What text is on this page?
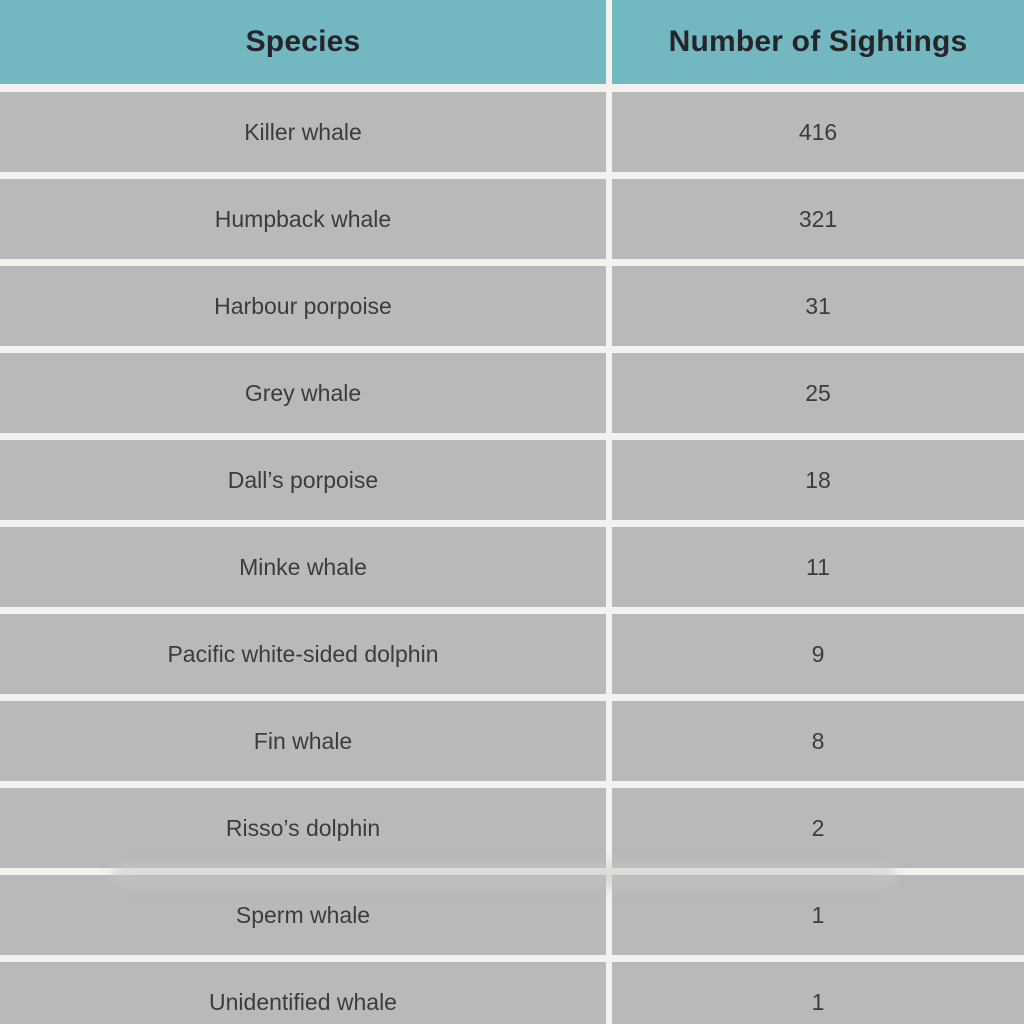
Species	Number of Sightings
Killer whale	416
Humpback whale	321
Harbour porpoise	31
Grey whale	25
Dall’s porpoise	18
Minke whale	11
Pacific white-sided dolphin	9
Fin whale	8
Risso’s dolphin	2
Sperm whale	1
Unidentified whale	1
